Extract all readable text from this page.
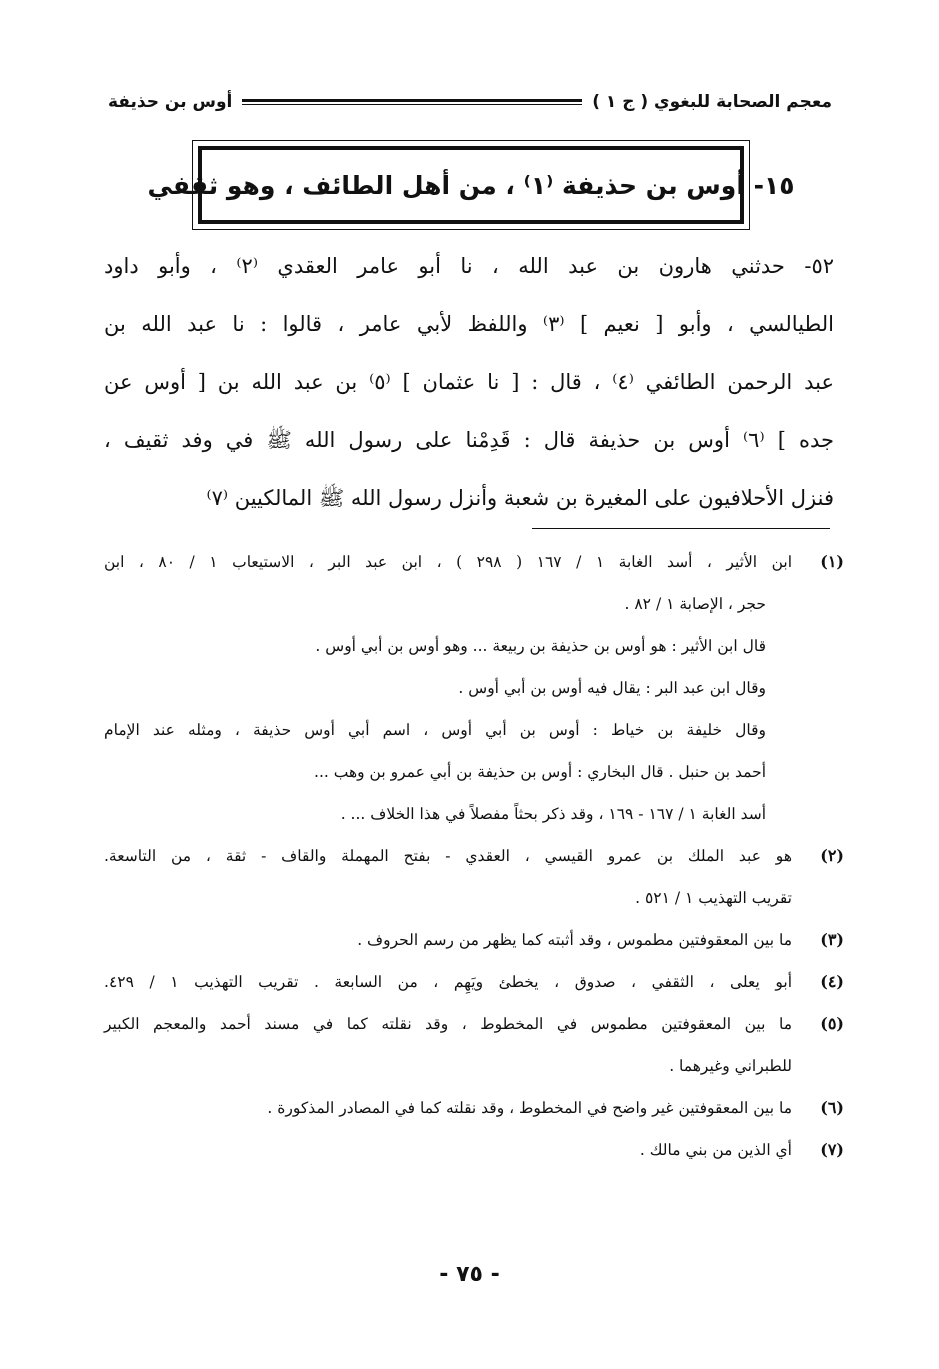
معجم الصحابة للبغوي ( ج ١ )
أوس بن حذيفة
١٥- أوس بن حذيفة ⁽١⁾ ، من أهل الطائف ، وهو ثقفي
٥٢- حدثني هارون بن عبد الله ، نا أبو عامر العقدي ⁽٢⁾ ، وأبو داود
الطيالسي ، وأبو [ نعيم ] ⁽٣⁾ واللفظ لأبي عامر ، قالوا : نا عبد الله بن
عبد الرحمن الطائفي ⁽٤⁾ ، قال : [ نا عثمان ] ⁽٥⁾ بن عبد الله بن [ أوس عن
جده ] ⁽٦⁾ أوس بن حذيفة قال : قَدِمْنا على رسول الله ﷺ في وفد ثقيف ،
فنزل الأحلافيون على المغيرة بن شعبة وأنزل رسول الله ﷺ المالكيين ⁽٧⁾
(١)
ابن الأثير ، أسد الغابة ١ / ١٦٧ ( ٢٩٨ ) ، ابن عبد البر ، الاستيعاب ١ / ٨٠ ، ابن
حجر ، الإصابة ١ / ٨٢ .
قال ابن الأثير : هو أوس بن حذيفة بن ربيعة ... وهو أوس بن أبي أوس .
وقال ابن عبد البر : يقال فيه أوس بن أبي أوس .
وقال خليفة بن خياط : أوس بن أبي أوس ، اسم أبي أوس حذيفة ، ومثله عند الإمام
أحمد بن حنبل . قال البخاري : أوس بن حذيفة بن أبي عمرو بن وهب ...
أسد الغابة ١ / ١٦٧ - ١٦٩ ، وقد ذكر بحثاً مفصلاً في هذا الخلاف ... .
(٢)
هو عبد الملك بن عمرو القيسي ، العقدي - بفتح المهملة والقاف - ثقة ، من التاسعة.
تقريب التهذيب ١ / ٥٢١ .
(٣)
ما بين المعقوفتين مطموس ، وقد أثبته كما يظهر من رسم الحروف .
(٤)
أبو يعلى ، الثقفي ، صدوق ، يخطئ ويَهِم ، من السابعة . تقريب التهذيب ١ / ٤٢٩.
(٥)
ما بين المعقوفتين مطموس في المخطوط ، وقد نقلته كما في مسند أحمد والمعجم الكبير
للطبراني وغيرهما .
(٦)
ما بين المعقوفتين غير واضح في المخطوط ، وقد نقلته كما في المصادر المذكورة .
(٧)
أي الذين من بني مالك .
- ٧٥ -
